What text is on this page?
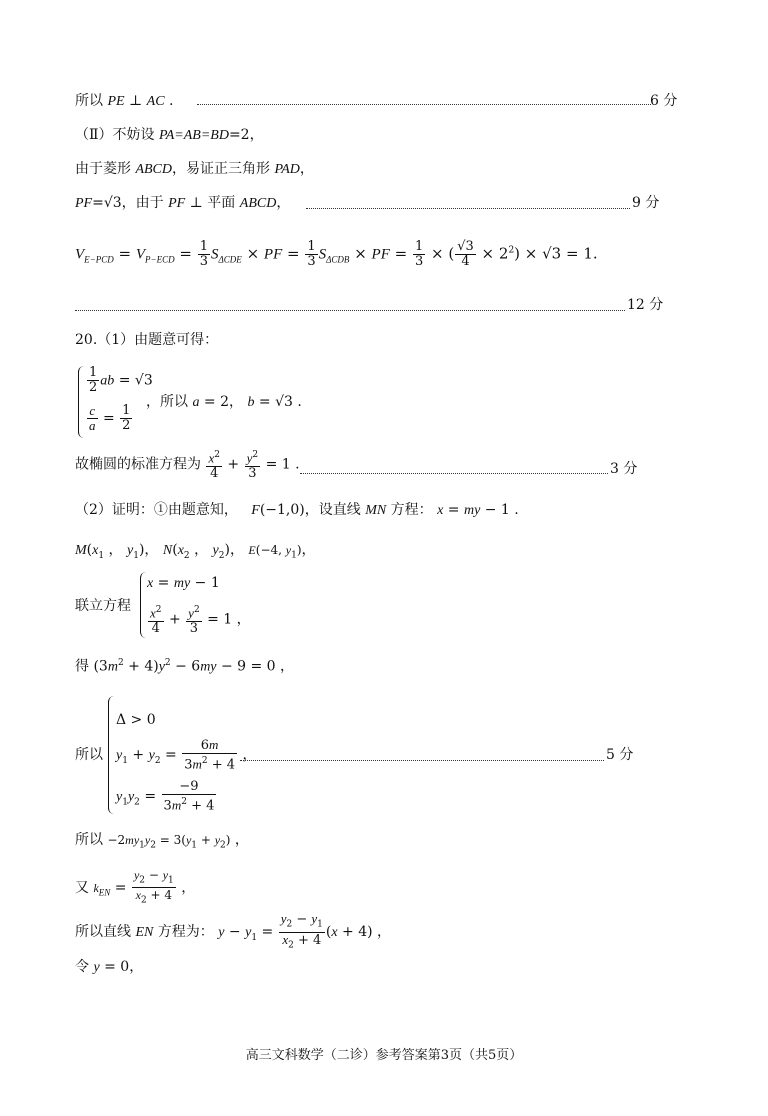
所以 PE ⊥ AC .	6 分
（Ⅱ）不妨设 PA=AB=BD=2，
由于菱形 ABCD，易证正三角形 PAD，
PF=√3，由于 PF ⊥ 平面 ABCD，	9 分
$V_{E-PCD} = V_{P-ECD} = \frac{1}{3} S_{\Delta CDE}$ × PF = $\frac{1}{3} S_{\Delta CDB}$ × PF = $\frac{1}{3}$ × ( $\frac{√3}{4} \times 2^2) \times √3 = 1$.
12 分
20.（1）由题意可得：
$\frac{1}{2}$ ab = √3
$\frac{c}{a} = \frac{1}{2}$
，所以 a = 2， b = √3 .
故椭圆的标准方程为 $\frac{x^2}{4} + \frac{y^2}{3} = 1$ .	3 分
（2）证明：①由题意知，   F(−1,0)，设直线 MN 方程： x = my − 1 .
$M(x_1$ ， $y_1$)， $N(x_2$ ， $y_2$)， E(−4, $y_1$)，
联立方程
x = my − 1
$\frac{x^2}{4} + \frac{y^2}{3} = 1$ ，
得 $(3m^2 + 4)y^2 - 6my - 9 = 0$ ，
所以
Δ > 0
$y_1 + y_2 = \frac{6m}{3m^2 + 4}$ ，
$y_1y_2 = \frac{-9}{3m^2 + 4}$
5 分
所以 $-2my_1y_2 = 3(y_1 + y_2)$ ，
又 $k_{EN} = \frac{y_2 - y_1}{x_2 + 4}$ ，
所以直线 EN 方程为： $y - y_1 = \frac{y_2 - y_1}{x_2 + 4} (x + 4)$ ，
令 y = 0，
高三文科数学（二诊）参考答案第3页（共5页）
